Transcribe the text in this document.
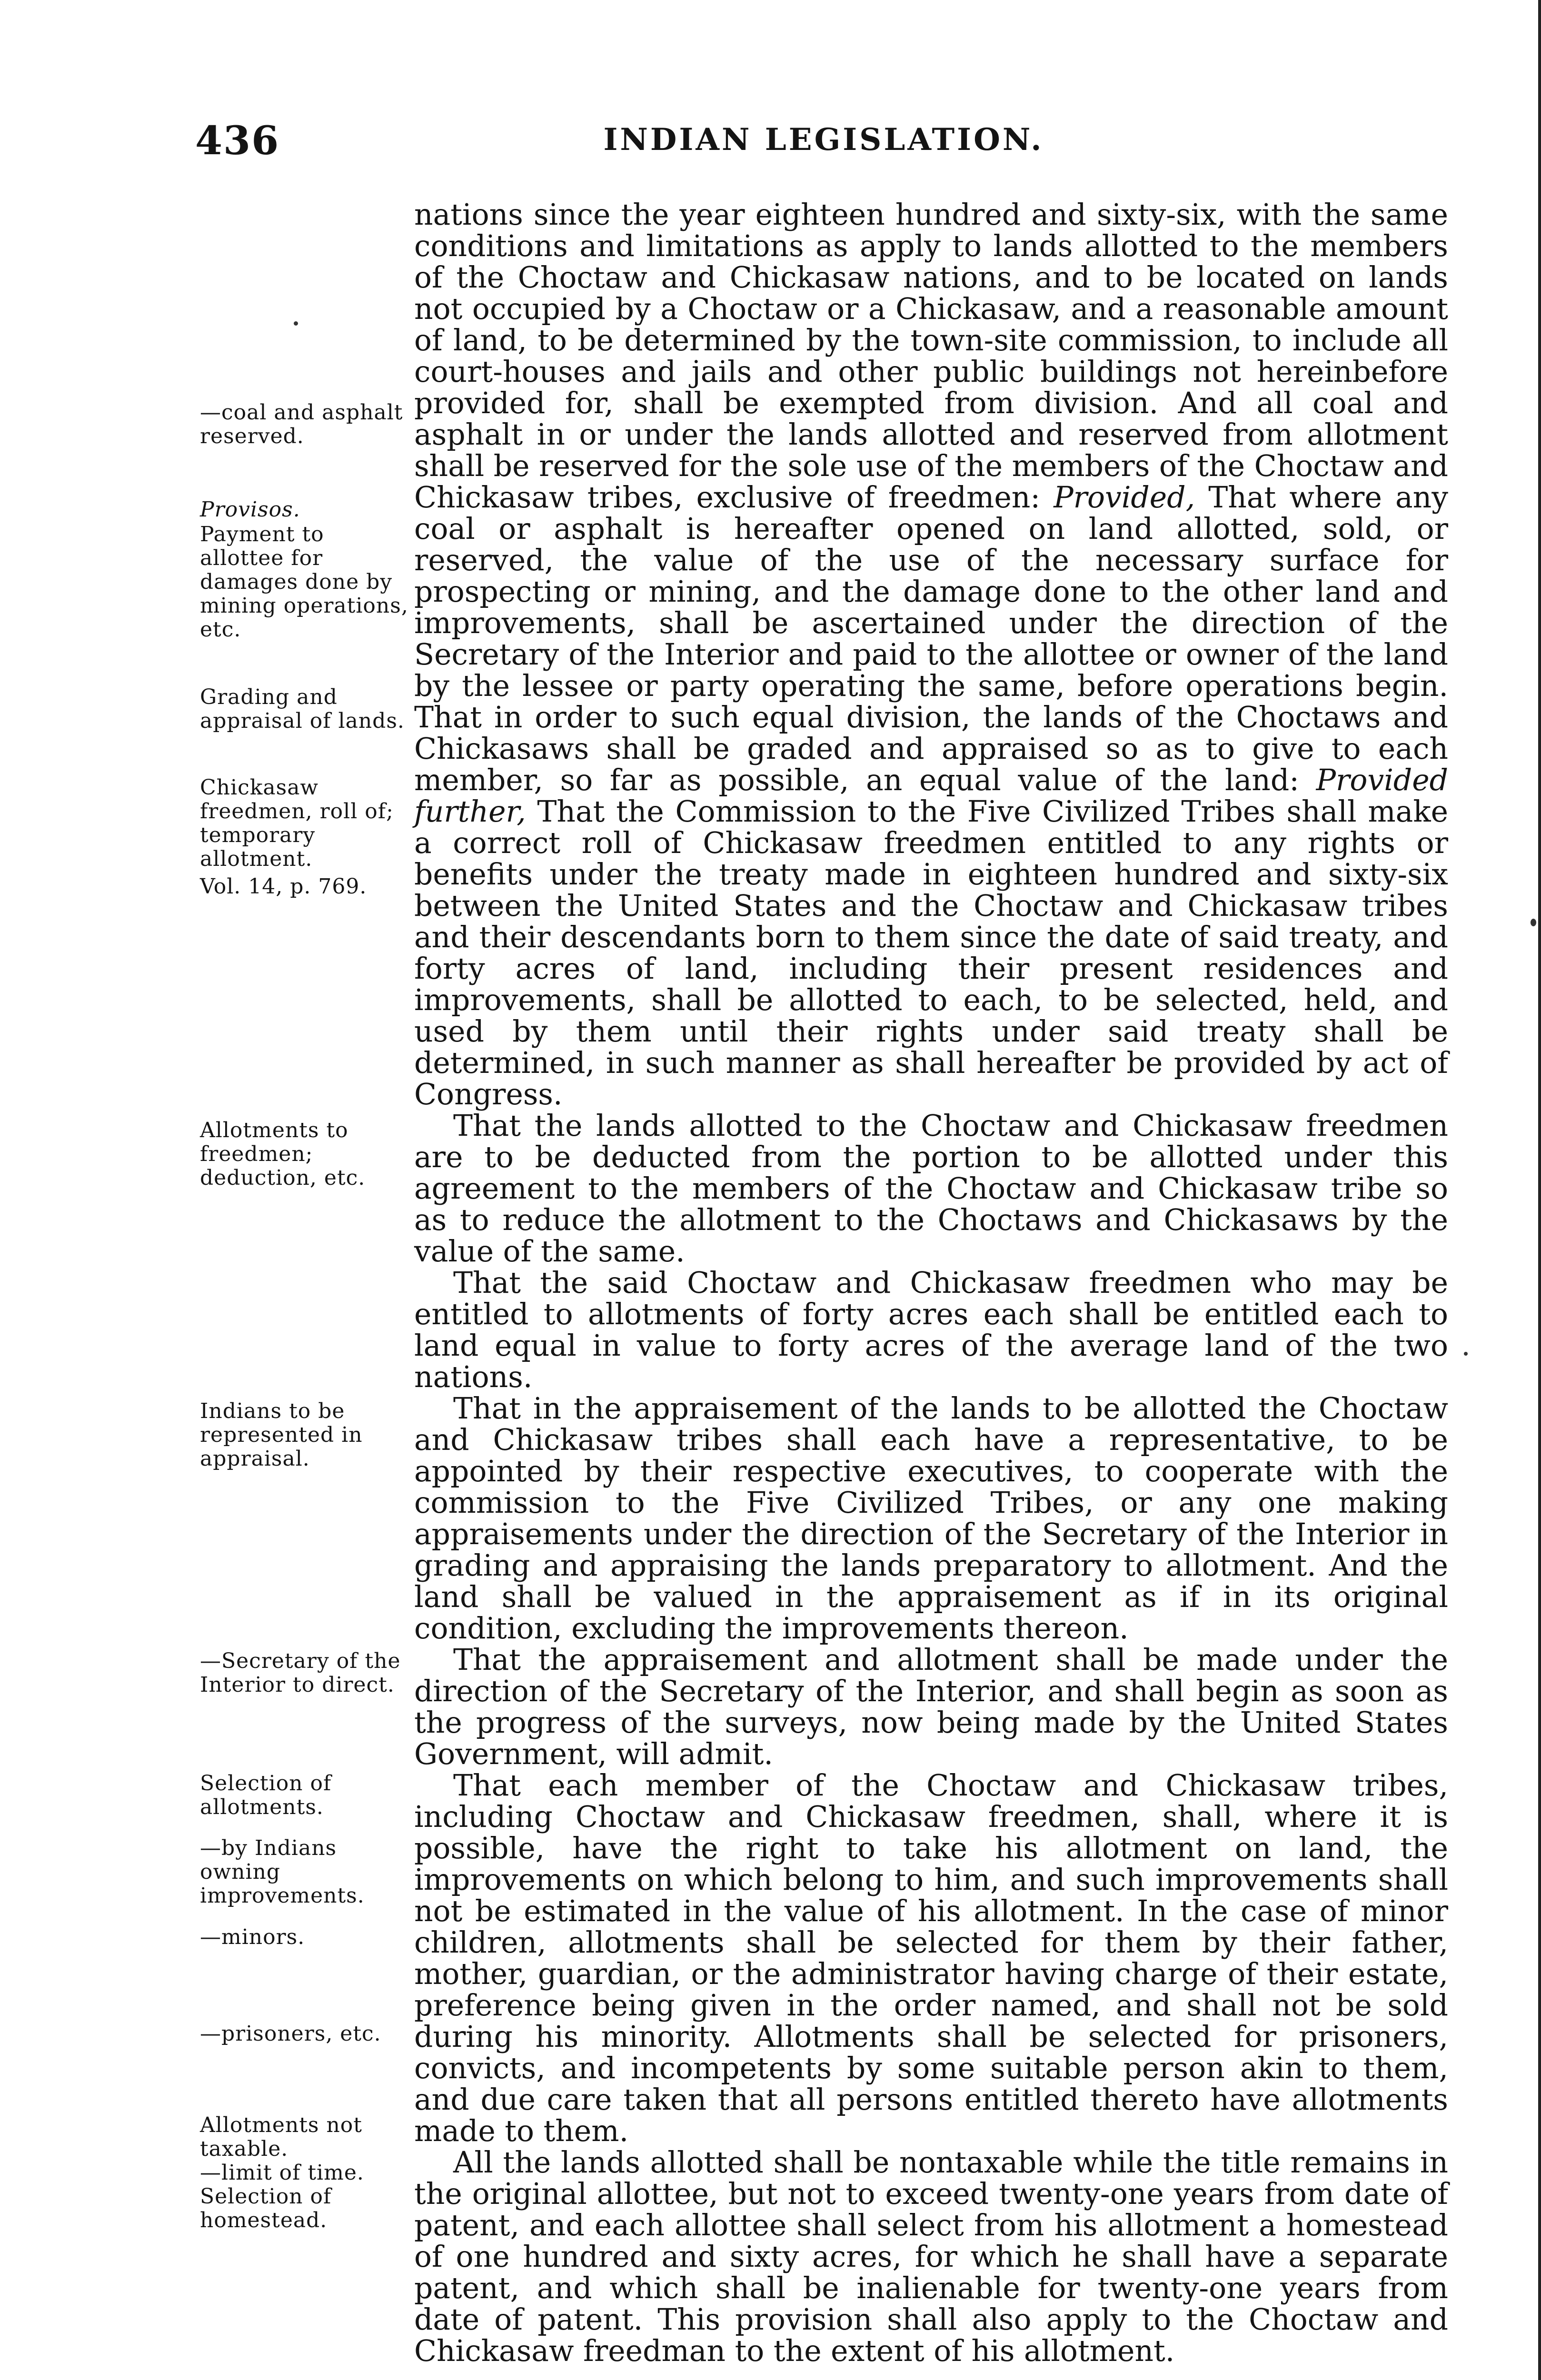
436	INDIAN LEGISLATION.
—coal and asphalt reserved.
Provisos.
Payment to allottee for damages done by mining operations, etc.
Grading and appraisal of lands.
Chickasaw freedmen, roll of; temporary allotment.
Vol. 14, p. 769.
Allotments to freedmen; deduction, etc.
Indians to be represented in appraisal.
—Secretary of the Interior to direct.
Selection of allotments.
—by Indians owning improvements.
—minors.
—prisoners, etc.
Allotments not taxable.
—limit of time.
Selection of homestead.

nations since the year eighteen hundred and sixty-six, with the same conditions and limitations as apply to lands allotted to the members of the Choctaw and Chickasaw nations, and to be located on lands not occupied by a Choctaw or a Chickasaw, and a reasonable amount of land, to be determined by the town-site commission, to include all court-houses and jails and other public buildings not hereinbefore provided for, shall be exempted from division. And all coal and asphalt in or under the lands allotted and reserved from allotment shall be reserved for the sole use of the members of the Choctaw and Chickasaw tribes, exclusive of freedmen: Provided, That where any coal or asphalt is hereafter opened on land allotted, sold, or reserved, the value of the use of the necessary surface for prospecting or mining, and the damage done to the other land and improvements, shall be ascertained under the direction of the Secretary of the Interior and paid to the allottee or owner of the land by the lessee or party operating the same, before operations begin. That in order to such equal division, the lands of the Choctaws and Chickasaws shall be graded and appraised so as to give to each member, so far as possible, an equal value of the land: Provided further, That the Commission to the Five Civilized Tribes shall make a correct roll of Chickasaw freedmen entitled to any rights or benefits under the treaty made in eighteen hundred and sixty-six between the United States and the Choctaw and Chickasaw tribes and their descendants born to them since the date of said treaty, and forty acres of land, including their present residences and improvements, shall be allotted to each, to be selected, held, and used by them until their rights under said treaty shall be determined, in such manner as shall hereafter be provided by act of Congress.

That the lands allotted to the Choctaw and Chickasaw freedmen are to be deducted from the portion to be allotted under this agreement to the members of the Choctaw and Chickasaw tribe so as to reduce the allotment to the Choctaws and Chickasaws by the value of the same.

That the said Choctaw and Chickasaw freedmen who may be entitled to allotments of forty acres each shall be entitled each to land equal in value to forty acres of the average land of the two nations.

That in the appraisement of the lands to be allotted the Choctaw and Chickasaw tribes shall each have a representative, to be appointed by their respective executives, to cooperate with the commission to the Five Civilized Tribes, or any one making appraisements under the direction of the Secretary of the Interior in grading and appraising the lands preparatory to allotment. And the land shall be valued in the appraisement as if in its original condition, excluding the improvements thereon.

That the appraisement and allotment shall be made under the direction of the Secretary of the Interior, and shall begin as soon as the progress of the surveys, now being made by the United States Government, will admit.

That each member of the Choctaw and Chickasaw tribes, including Choctaw and Chickasaw freedmen, shall, where it is possible, have the right to take his allotment on land, the improvements on which belong to him, and such improvements shall not be estimated in the value of his allotment. In the case of minor children, allotments shall be selected for them by their father, mother, guardian, or the administrator having charge of their estate, preference being given in the order named, and shall not be sold during his minority. Allotments shall be selected for prisoners, convicts, and incompetents by some suitable person akin to them, and due care taken that all persons entitled thereto have allotments made to them.

All the lands allotted shall be nontaxable while the title remains in the original allottee, but not to exceed twenty-one years from date of patent, and each allottee shall select from his allotment a homestead of one hundred and sixty acres, for which he shall have a separate patent, and which shall be inalienable for twenty-one years from date of patent. This provision shall also apply to the Choctaw and Chickasaw freedman to the extent of his allotment.
